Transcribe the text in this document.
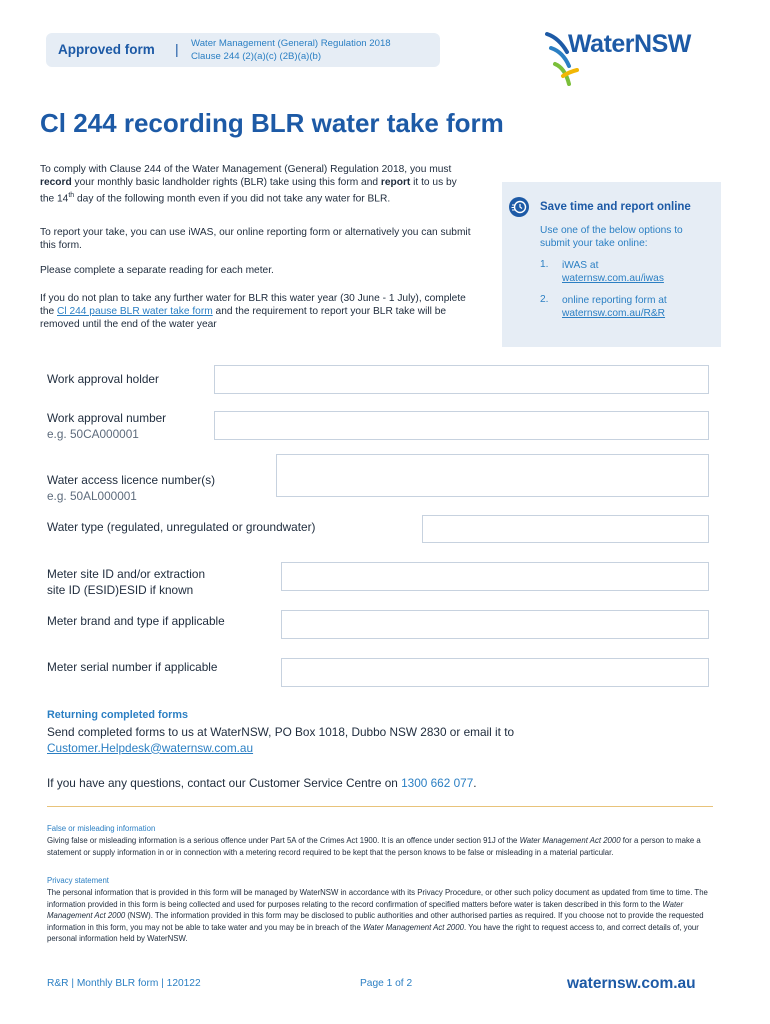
Approved form | Water Management (General) Regulation 2018
Clause 244 (2)(a)(c) (2B)(a)(b)	WaterNSW
Cl 244 recording BLR water take form
To comply with Clause 244 of the Water Management (General) Regulation 2018, you must record your monthly basic landholder rights (BLR) take using this form and report it to us by the 14th day of the following month even if you did not take any water for BLR.
To report your take, you can use iWAS, our online reporting form or alternatively you can submit this form.
Please complete a separate reading for each meter.
If you do not plan to take any further water for BLR this water year (30 June - 1 July), complete the Cl 244 pause BLR water take form and the requirement to report your BLR take will be removed until the end of the water year
Save time and report online
Use one of the below options to submit your take online:
1. iWAS at
waternsw.com.au/iwas
2. online reporting form at
waternsw.com.au/R&R
Work approval holder
Work approval number
e.g. 50CA000001
Water access licence number(s)
e.g. 50AL000001
Water type (regulated, unregulated or groundwater)
Meter site ID and/or extraction
site ID (ESID)ESID if known
Meter brand and type if applicable
Meter serial number if applicable
Returning completed forms
Send completed forms to us at WaterNSW, PO Box 1018, Dubbo NSW 2830 or email it to
Customer.Helpdesk@waternsw.com.au
If you have any questions, contact our Customer Service Centre on 1300 662 077.
False or misleading information
Giving false or misleading information is a serious offence under Part 5A of the Crimes Act 1900. It is an offence under section 91J of the Water Management Act 2000 for a person to make a statement or supply information in or in connection with a metering record required to be kept that the person knows to be false or misleading in a material particular.
Privacy statement
The personal information that is provided in this form will be managed by WaterNSW in accordance with its Privacy Procedure, or other such policy document as updated from time to time. The information provided in this form is being collected and used for purposes relating to the record confirmation of specified matters before water is taken described in this form to the Water Management Act 2000 (NSW). The information provided in this form may be disclosed to public authorities and other authorised parties as required. If you choose not to provide the requested information in this form, you may not be able to take water and you may be in breach of the Water Management Act 2000. You have the right to request access to, and correct details of, your personal information held by WaterNSW.
R&R | Monthly BLR form | 120122	Page 1 of 2	waternsw.com.au
